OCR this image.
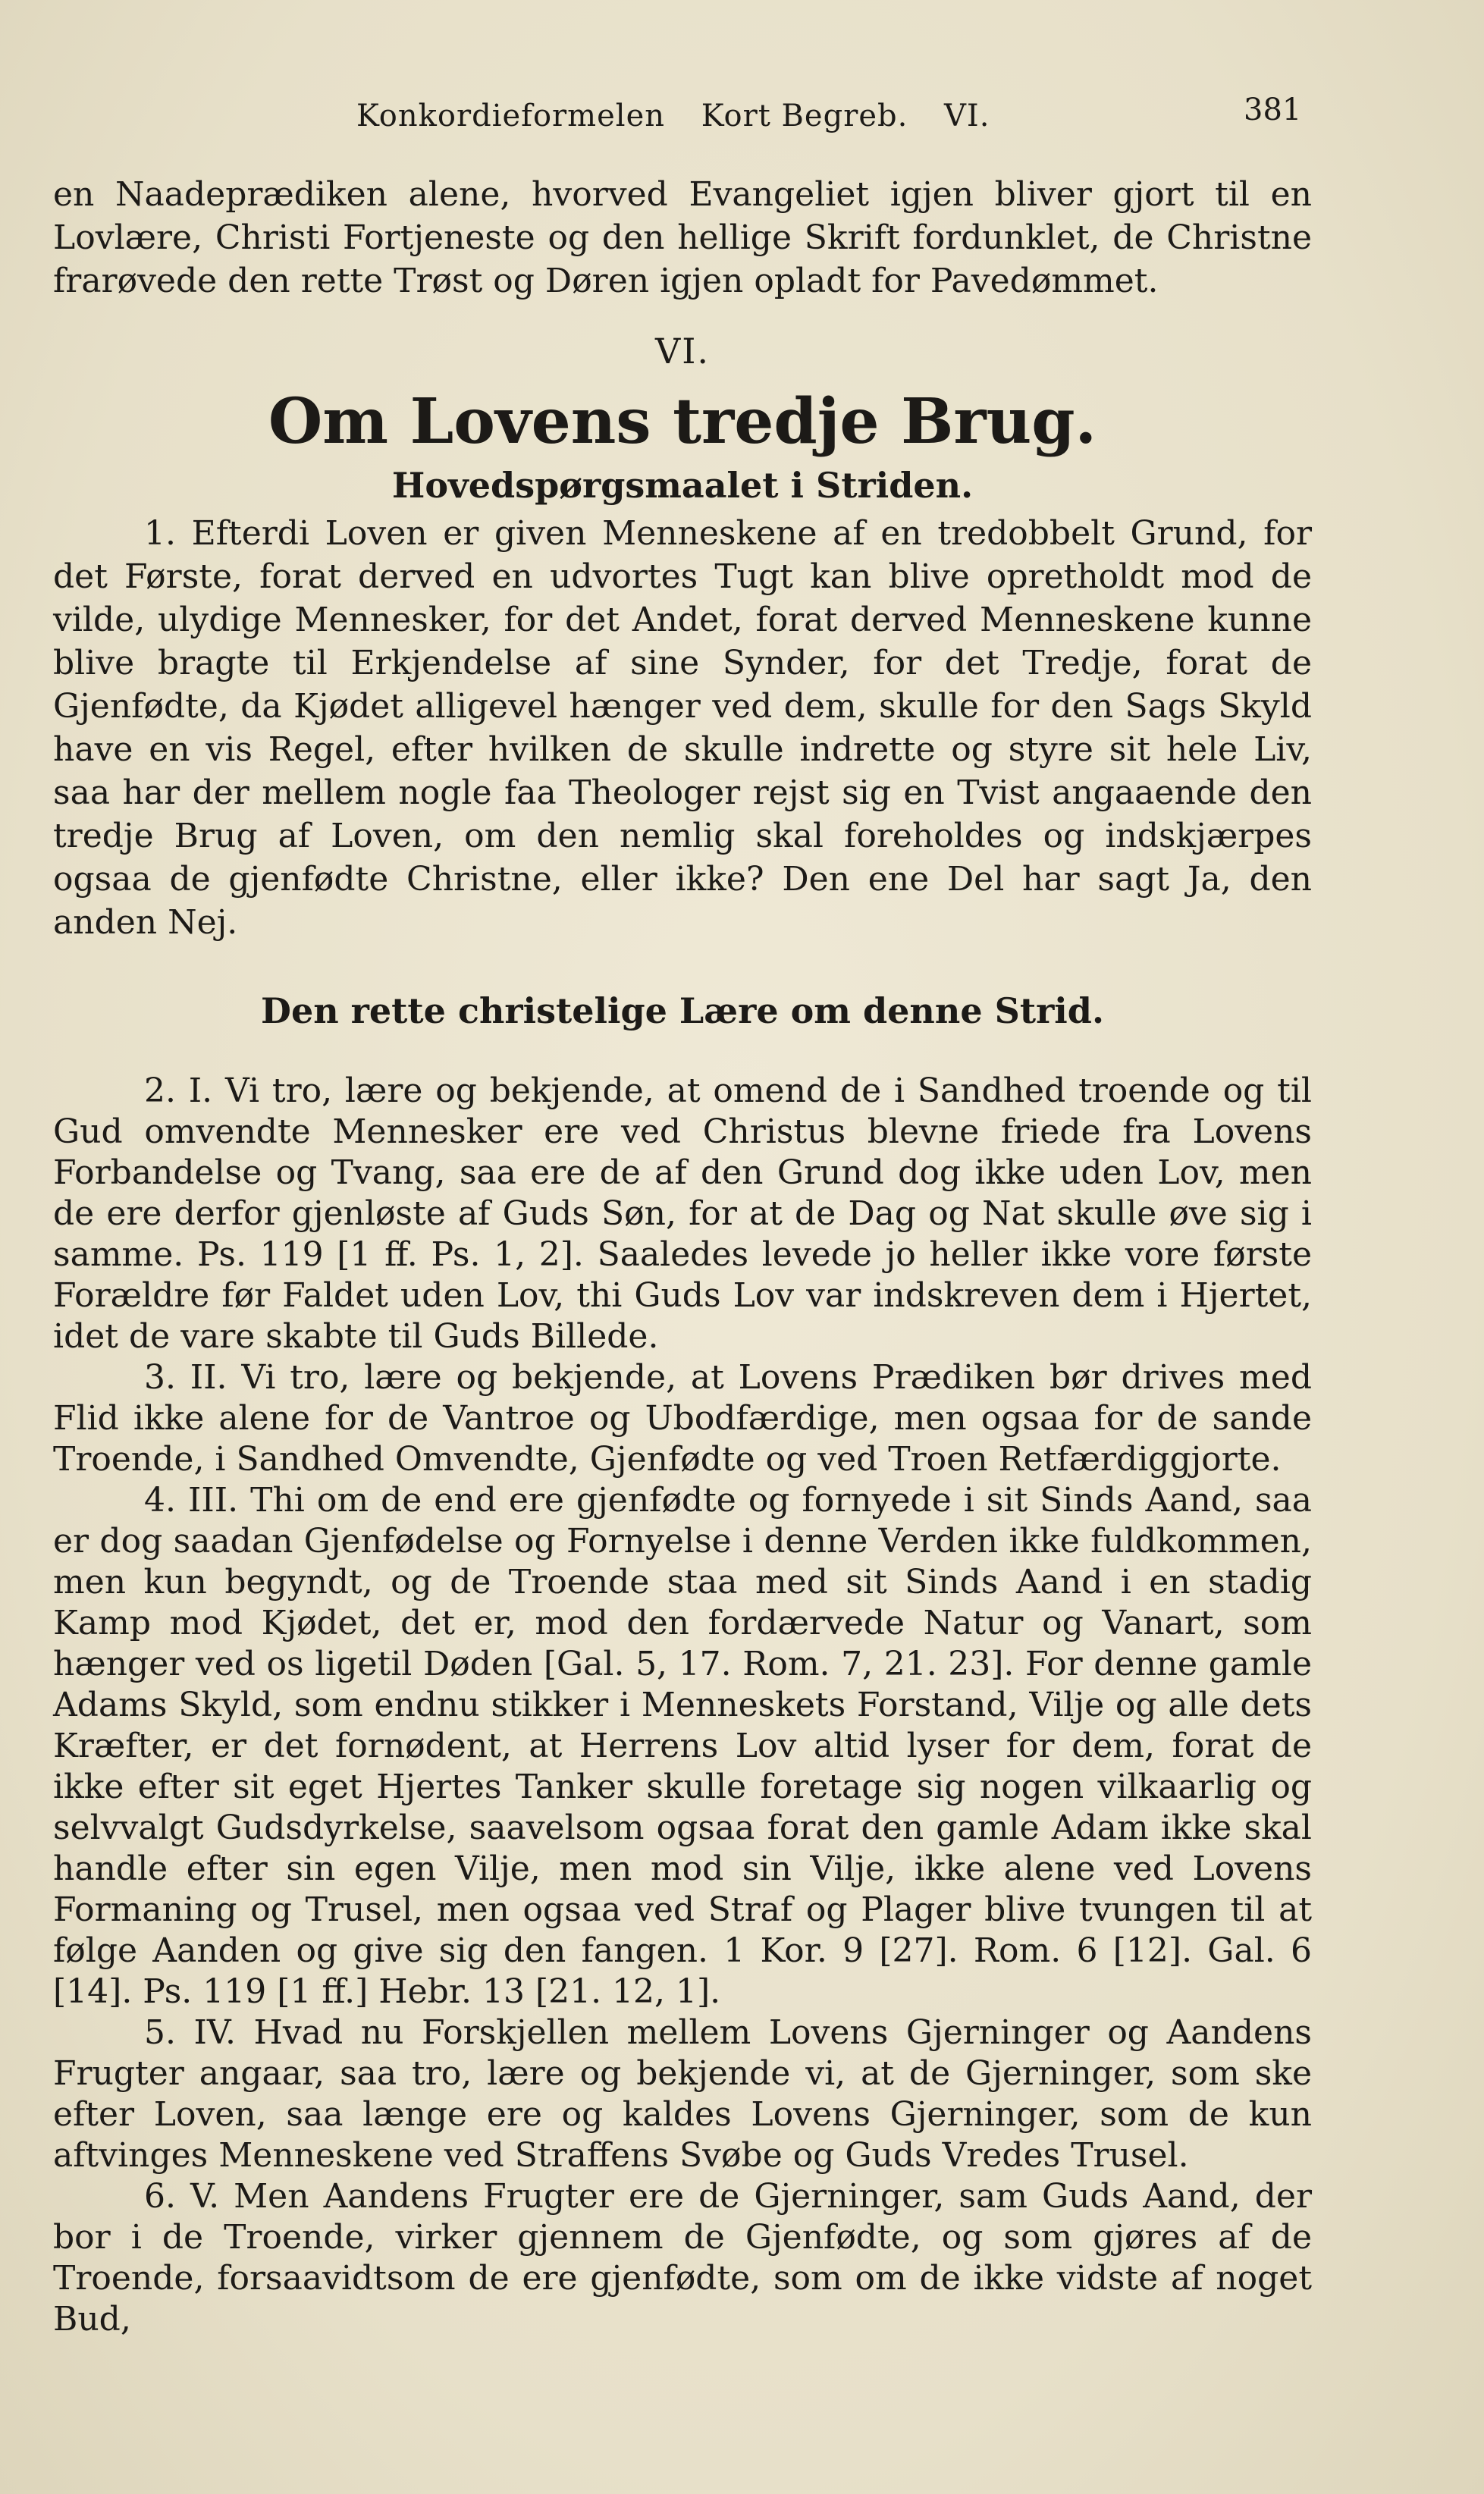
Konkordieformelen Kort Begreb. VI.	381

en Naadeprædiken alene, hvorved Evangeliet igjen bliver gjort til en Lovlære, Christi Fortjeneste og den hellige Skrift fordunklet, de Christne frarøvede den rette Trøst og Døren igjen opladt for Pavedømmet.

VI.

Om Lovens tredje Brug.

Hovedspørgsmaalet i Striden.

1. Efterdi Loven er given Menneskene af en tredobbelt Grund, for det Første, forat derved en udvortes Tugt kan blive opretholdt mod de vilde, ulydige Mennesker, for det Andet, forat derved Menneskene kunne blive bragte til Erkjendelse af sine Synder, for det Tredje, forat de Gjenfødte, da Kjødet alligevel hænger ved dem, skulle for den Sags Skyld have en vis Regel, efter hvilken de skulle indrette og styre sit hele Liv, saa har der mellem nogle faa Theologer rejst sig en Tvist angaaende den tredje Brug af Loven, om den nemlig skal foreholdes og indskjærpes ogsaa de gjenfødte Christne, eller ikke? Den ene Del har sagt Ja, den anden Nej.

Den rette christelige Lære om denne Strid.

2. I. Vi tro, lære og bekjende, at omend de i Sandhed troende og til Gud omvendte Mennesker ere ved Christus blevne friede fra Lovens Forbandelse og Tvang, saa ere de af den Grund dog ikke uden Lov, men de ere derfor gjenløste af Guds Søn, for at de Dag og Nat skulle øve sig i samme. Ps. 119 [1 ff. Ps. 1, 2]. Saaledes levede jo heller ikke vore første Forældre før Faldet uden Lov, thi Guds Lov var indskreven dem i Hjertet, idet de vare skabte til Guds Billede.

3. II. Vi tro, lære og bekjende, at Lovens Prædiken bør drives med Flid ikke alene for de Vantroe og Ubodfærdige, men ogsaa for de sande Troende, i Sandhed Omvendte, Gjenfødte og ved Troen Retfærdiggjorte.

4. III. Thi om de end ere gjenfødte og fornyede i sit Sinds Aand, saa er dog saadan Gjenfødelse og Fornyelse i denne Verden ikke fuldkommen, men kun begyndt, og de Troende staa med sit Sinds Aand i en stadig Kamp mod Kjødet, det er, mod den fordærvede Natur og Vanart, som hænger ved os ligetil Døden [Gal. 5, 17. Rom. 7, 21. 23]. For denne gamle Adams Skyld, som endnu stikker i Menneskets Forstand, Vilje og alle dets Kræfter, er det fornødent, at Herrens Lov altid lyser for dem, forat de ikke efter sit eget Hjertes Tanker skulle foretage sig nogen vilkaarlig og selvvalgt Gudsdyrkelse, saavelsom ogsaa forat den gamle Adam ikke skal handle efter sin egen Vilje, men mod sin Vilje, ikke alene ved Lovens Formaning og Trusel, men ogsaa ved Straf og Plager blive tvungen til at følge Aanden og give sig den fangen. 1 Kor. 9 [27]. Rom. 6 [12]. Gal. 6 [14]. Ps. 119 [1 ff.] Hebr. 13 [21. 12, 1].

5. IV. Hvad nu Forskjellen mellem Lovens Gjerninger og Aandens Frugter angaar, saa tro, lære og bekjende vi, at de Gjerninger, som ske efter Loven, saa længe ere og kaldes Lovens Gjerninger, som de kun aftvinges Menneskene ved Straffens Svøbe og Guds Vredes Trusel.

6. V. Men Aandens Frugter ere de Gjerninger, sam Guds Aand, der bor i de Troende, virker gjennem de Gjenfødte, og som gjøres af de Troende, forsaavidtsom de ere gjenfødte, som om de ikke vidste af noget Bud,
